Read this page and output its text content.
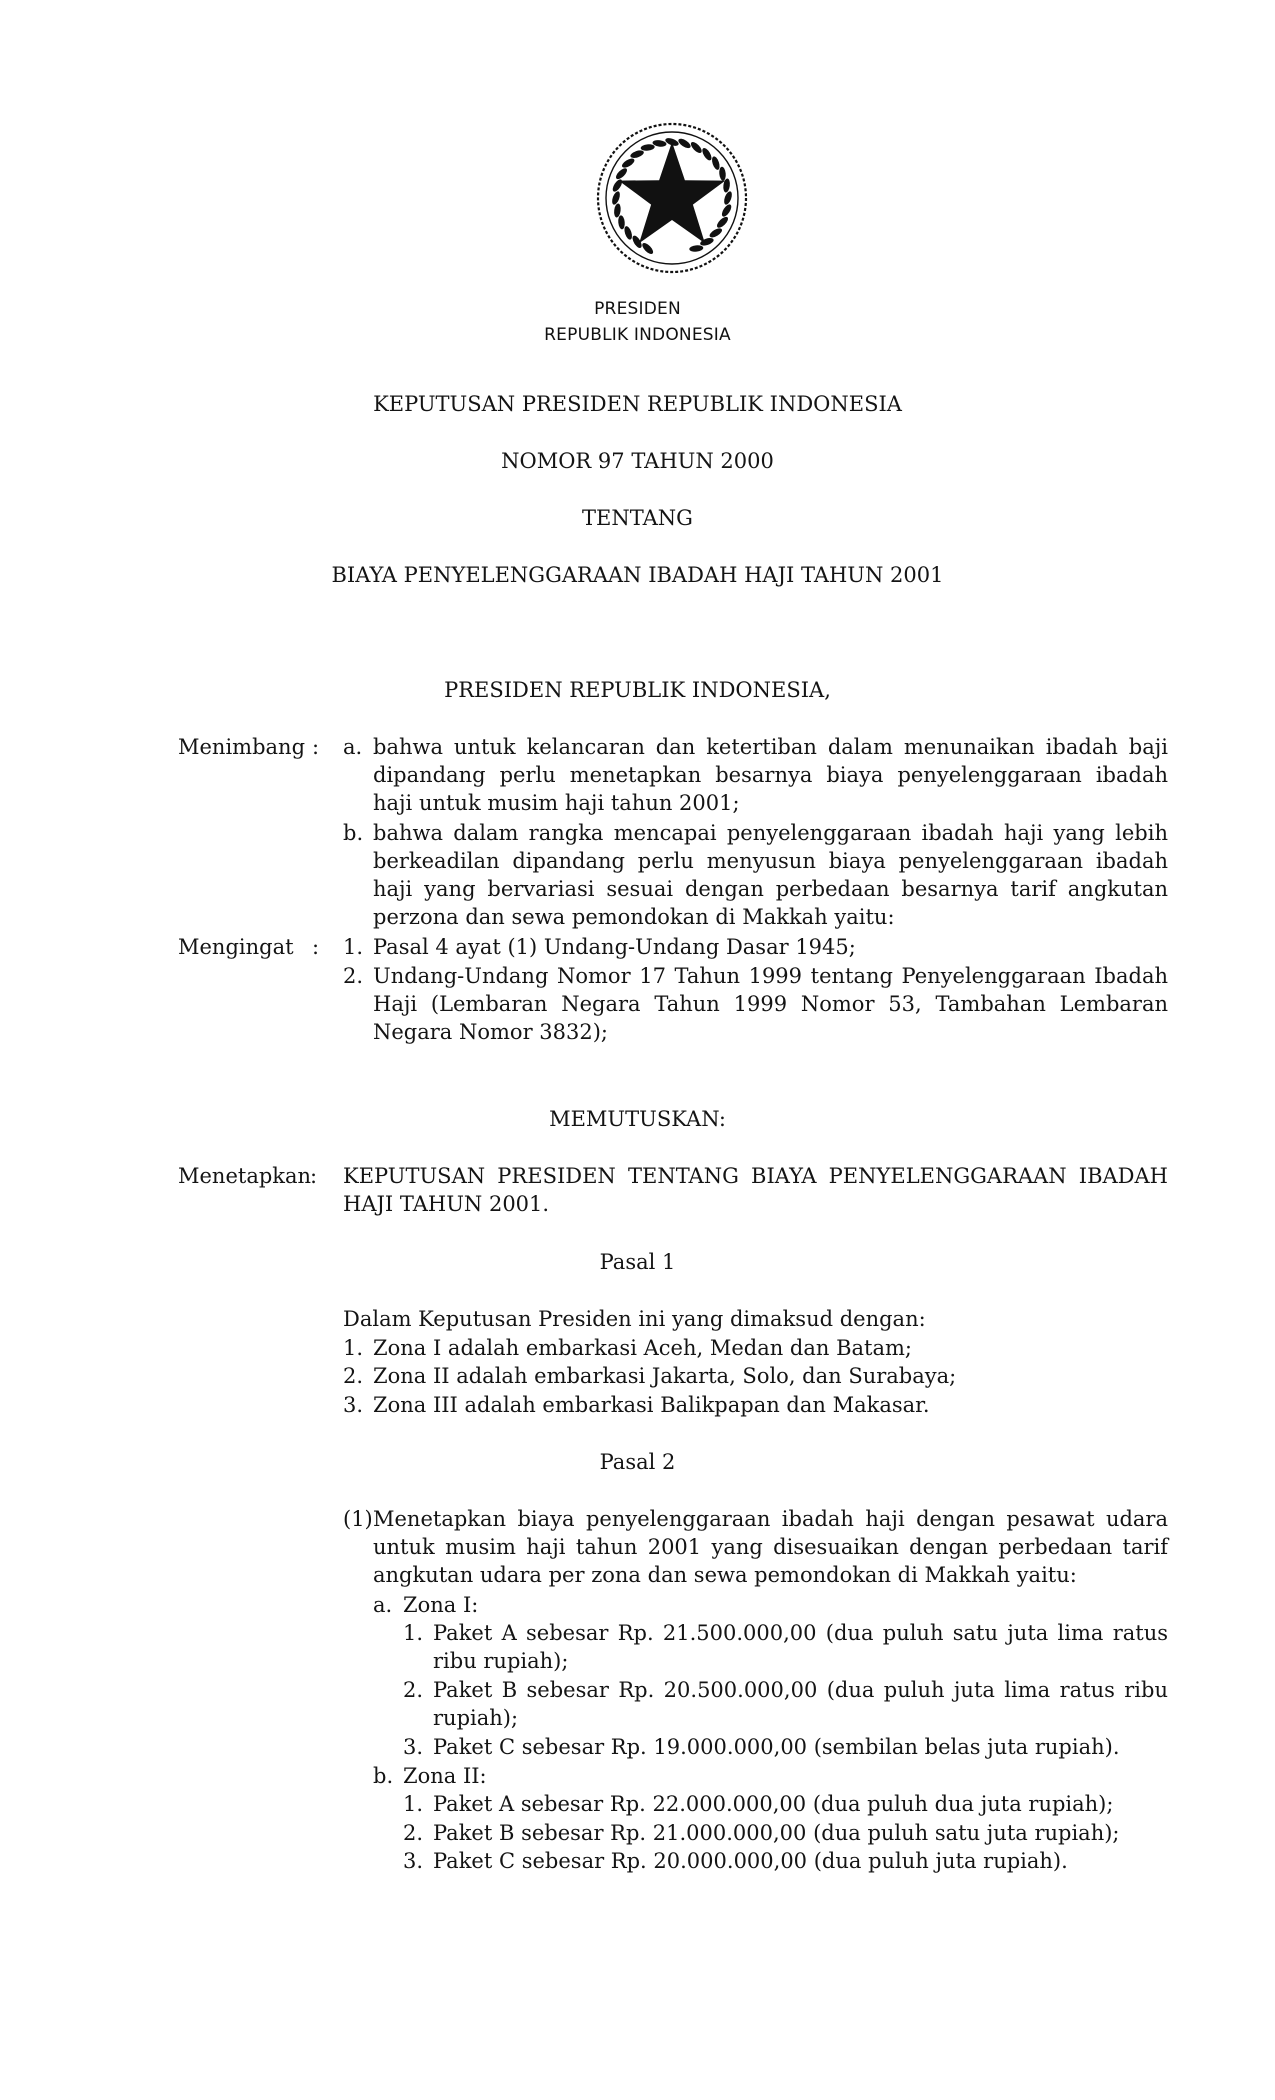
PRESIDEN
REPUBLIK INDONESIA
KEPUTUSAN PRESIDEN REPUBLIK INDONESIA
NOMOR 97 TAHUN 2000
TENTANG
BIAYA PENYELENGGARAAN IBADAH HAJI TAHUN 2001
PRESIDEN REPUBLIK INDONESIA,
Menimbang : a. bahwa untuk kelancaran dan ketertiban dalam menunaikan ibadah baji dipandang perlu menetapkan besarnya biaya penyelenggaraan ibadah haji untuk musim haji tahun 2001;
b. bahwa dalam rangka mencapai penyelenggaraan ibadah haji yang lebih berkeadilan dipandang perlu menyusun biaya penyelenggaraan ibadah haji yang bervariasi sesuai dengan perbedaan besarnya tarif angkutan perzona dan sewa pemondokan di Makkah yaitu:
Mengingat : 1. Pasal 4 ayat (1) Undang-Undang Dasar 1945;
2. Undang-Undang Nomor 17 Tahun 1999 tentang Penyelenggaraan Ibadah Haji (Lembaran Negara Tahun 1999 Nomor 53, Tambahan Lembaran Negara Nomor 3832);
MEMUTUSKAN:
Menetapkan
: KEPUTUSAN PRESIDEN TENTANG BIAYA PENYELENGGARAAN IBADAH HAJI TAHUN 2001.
Pasal 1
Dalam Keputusan Presiden ini yang dimaksud dengan:
1. Zona I adalah embarkasi Aceh, Medan dan Batam;
2. Zona II adalah embarkasi Jakarta, Solo, dan Surabaya;
3. Zona III adalah embarkasi Balikpapan dan Makasar.
Pasal 2
(1) Menetapkan biaya penyelenggaraan ibadah haji dengan pesawat udara untuk musim haji tahun 2001 yang disesuaikan dengan perbedaan tarif angkutan udara per zona dan sewa pemondokan di Makkah yaitu:
a. Zona I:
1. Paket A sebesar Rp. 21.500.000,00 (dua puluh satu juta lima ratus ribu rupiah);
2. Paket B sebesar Rp. 20.500.000,00 (dua puluh juta lima ratus ribu rupiah);
3. Paket C sebesar Rp. 19.000.000,00 (sembilan belas juta rupiah).
b. Zona II:
1. Paket A sebesar Rp. 22.000.000,00 (dua puluh dua juta rupiah);
2. Paket B sebesar Rp. 21.000.000,00 (dua puluh satu juta rupiah);
3. Paket C sebesar Rp. 20.000.000,00 (dua puluh juta rupiah).
